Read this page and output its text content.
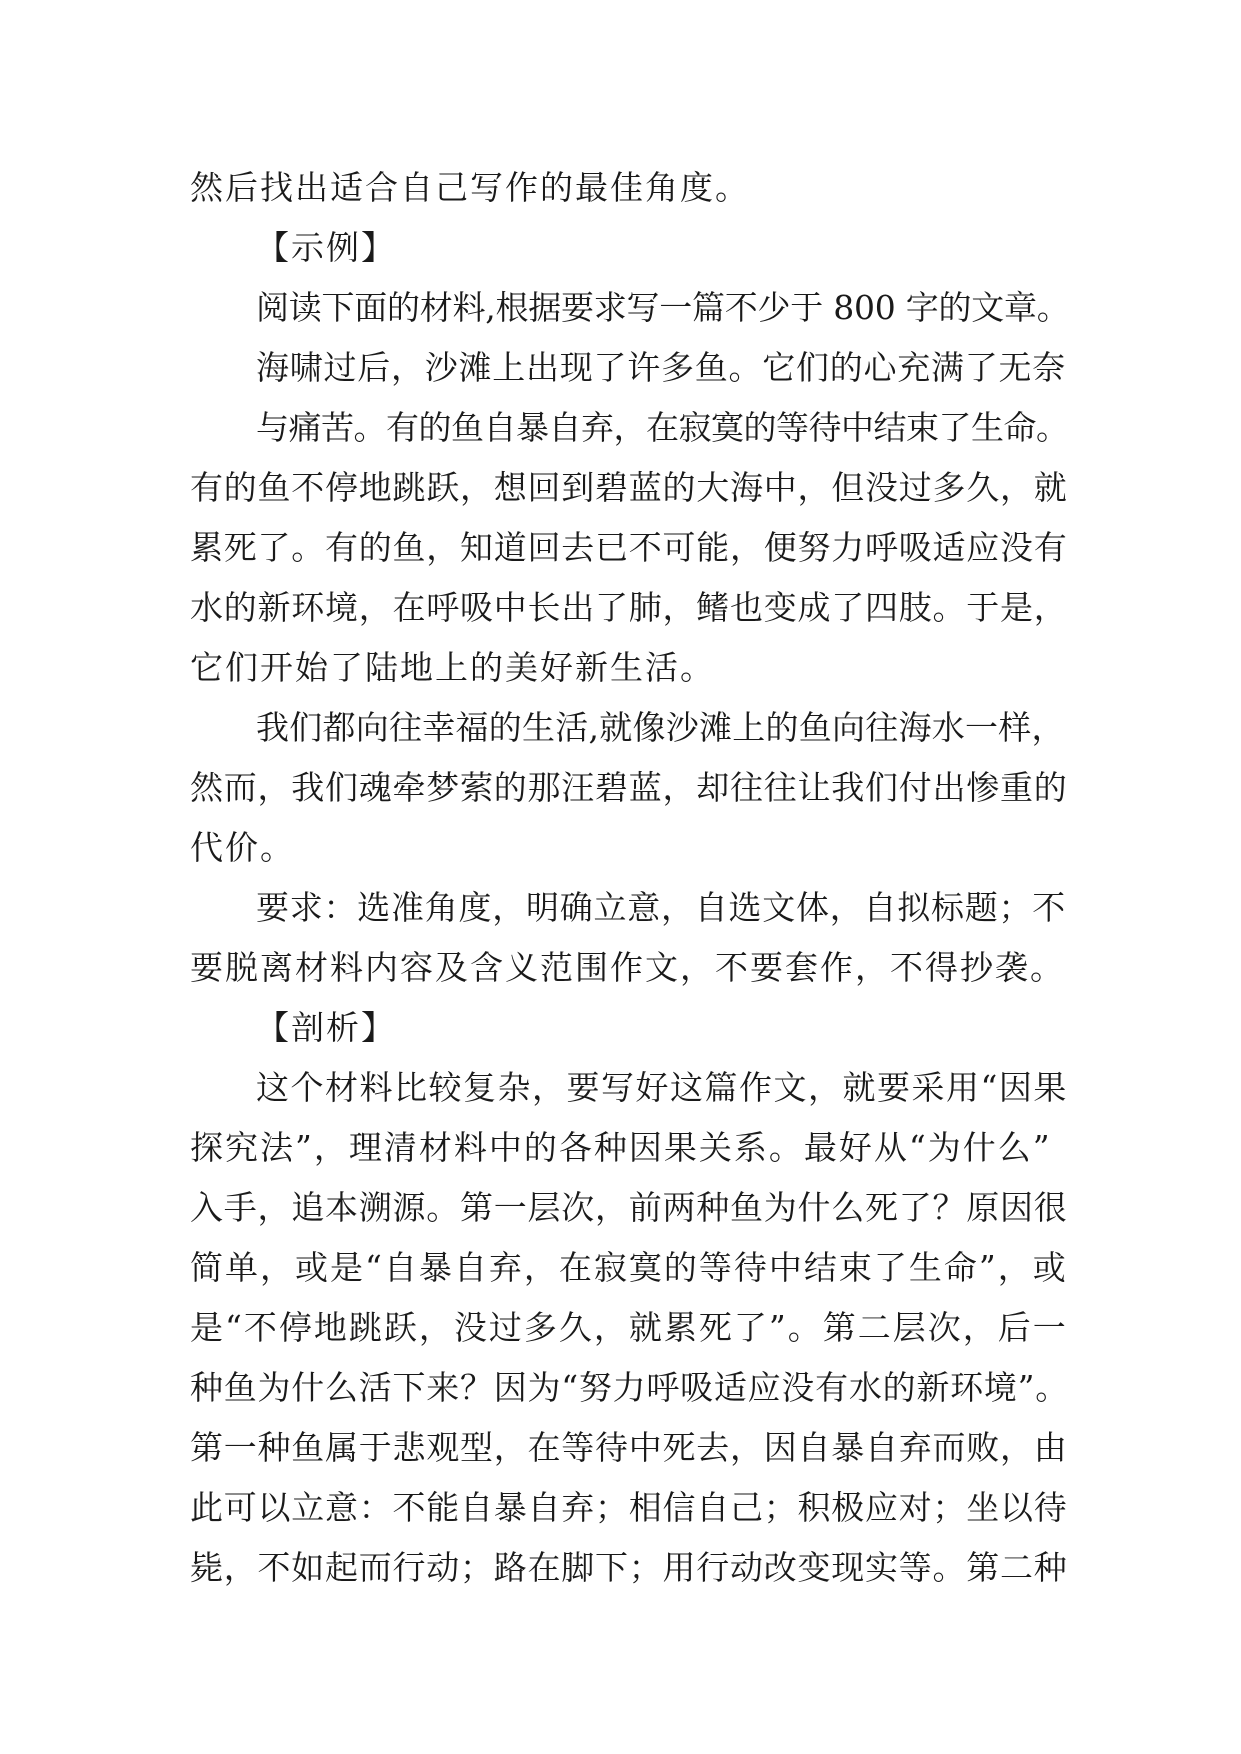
然后找出适合自己写作的最佳角度。
【示例】
阅读下面的材料,根据要求写一篇不少于 800 字的文章。
海啸过后，沙滩上出现了许多鱼。它们的心充满了无奈
与痛苦。有的鱼自暴自弃，在寂寞的等待中结束了生命。
有的鱼不停地跳跃，想回到碧蓝的大海中，但没过多久，就
累死了。有的鱼，知道回去已不可能，便努力呼吸适应没有
水的新环境，在呼吸中长出了肺，鳍也变成了四肢。于是，
它们开始了陆地上的美好新生活。
我们都向往幸福的生活,就像沙滩上的鱼向往海水一样，
然而，我们魂牵梦萦的那汪碧蓝，却往往让我们付出惨重的
代价。
要求：选准角度，明确立意，自选文体，自拟标题；不
要脱离材料内容及含义范围作文，不要套作，不得抄袭。
【剖析】
这个材料比较复杂，要写好这篇作文，就要采用“因果
探究法”，理清材料中的各种因果关系。最好从“为什么”
入手，追本溯源。第一层次，前两种鱼为什么死了？原因很
简单，或是“自暴自弃，在寂寞的等待中结束了生命”，或
是“不停地跳跃，没过多久，就累死了”。第二层次，后一
种鱼为什么活下来？因为“努力呼吸适应没有水的新环境”。
第一种鱼属于悲观型，在等待中死去，因自暴自弃而败，由
此可以立意：不能自暴自弃；相信自己；积极应对；坐以待
毙，不如起而行动；路在脚下；用行动改变现实等。第二种
